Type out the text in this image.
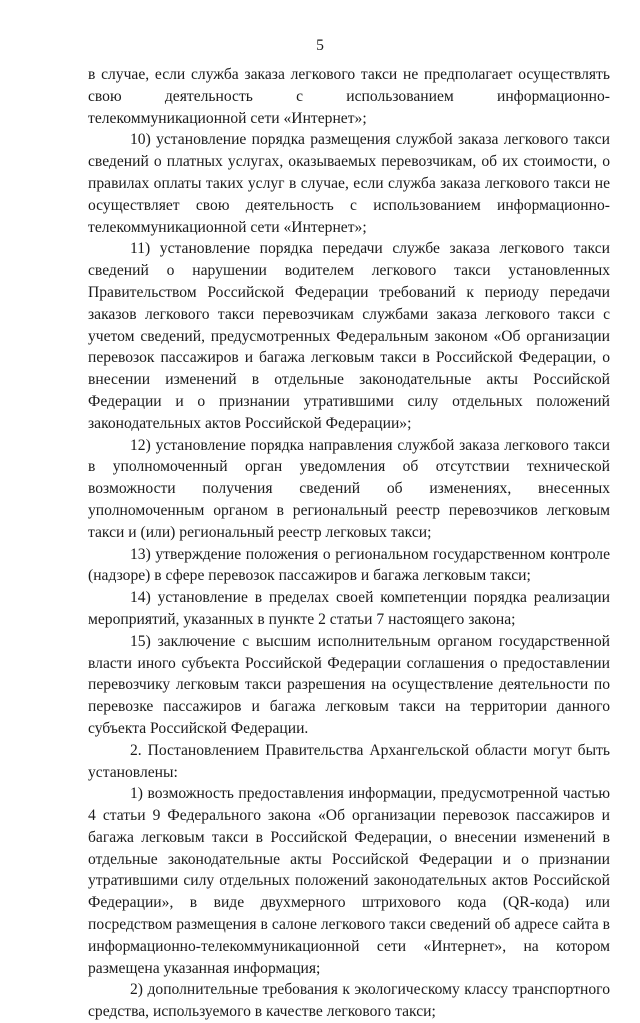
5

в случае, если служба заказа легкового такси не предполагает осуществлять свою деятельность с использованием информационно-телекоммуникационной сети «Интернет»;

10) установление порядка размещения службой заказа легкового такси сведений о платных услугах, оказываемых перевозчикам, об их стоимости, о правилах оплаты таких услуг в случае, если служба заказа легкового такси не осуществляет свою деятельность с использованием информационно-телекоммуникационной сети «Интернет»;

11) установление порядка передачи службе заказа легкового такси сведений о нарушении водителем легкового такси установленных Правительством Российской Федерации требований к периоду передачи заказов легкового такси перевозчикам службами заказа легкового такси с учетом сведений, предусмотренных Федеральным законом «Об организации перевозок пассажиров и багажа легковым такси в Российской Федерации, о внесении изменений в отдельные законодательные акты Российской Федерации и о признании утратившими силу отдельных положений законодательных актов Российской Федерации»;

12) установление порядка направления службой заказа легкового такси в уполномоченный орган уведомления об отсутствии технической возможности получения сведений об изменениях, внесенных уполномоченным органом в региональный реестр перевозчиков легковым такси и (или) региональный реестр легковых такси;

13) утверждение положения о региональном государственном контроле (надзоре) в сфере перевозок пассажиров и багажа легковым такси;

14) установление в пределах своей компетенции порядка реализации мероприятий, указанных в пункте 2 статьи 7 настоящего закона;

15) заключение с высшим исполнительным органом государственной власти иного субъекта Российской Федерации соглашения о предоставлении перевозчику легковым такси разрешения на осуществление деятельности по перевозке пассажиров и багажа легковым такси на территории данного субъекта Российской Федерации.

2. Постановлением Правительства Архангельской области могут быть установлены:

1) возможность предоставления информации, предусмотренной частью 4 статьи 9 Федерального закона «Об организации перевозок пассажиров и багажа легковым такси в Российской Федерации, о внесении изменений в отдельные законодательные акты Российской Федерации и о признании утратившими силу отдельных положений законодательных актов Российской Федерации», в виде двухмерного штрихового кода (QR-кода) или посредством размещения в салоне легкового такси сведений об адресе сайта в информационно-телекоммуникационной сети «Интернет», на котором размещена указанная информация;

2) дополнительные требования к экологическому классу транспортного средства, используемого в качестве легкового такси;
